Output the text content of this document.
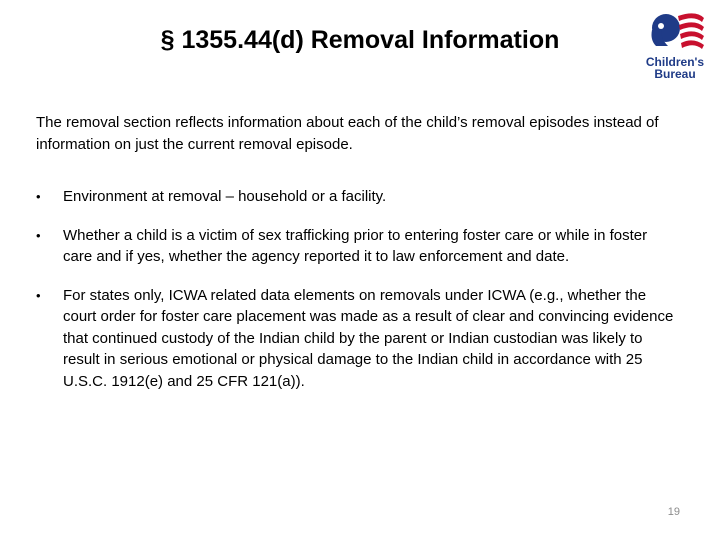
§ 1355.44(d) Removal Information
Children's
Bureau
The removal section reflects information about each of the child’s removal episodes instead of information on just the current removal episode.
• Environment at removal – household or a facility.
• Whether a child is a victim of sex trafficking prior to entering foster care or while in foster care and if yes, whether the agency reported it to law enforcement and date.
• For states only, ICWA related data elements on removals under ICWA (e.g., whether the court order for foster care placement was made as a result of clear and convincing evidence that continued custody of the Indian child by the parent or Indian custodian was likely to result in serious emotional or physical damage to the Indian child in accordance with 25 U.S.C. 1912(e) and 25 CFR 121(a)).
19
